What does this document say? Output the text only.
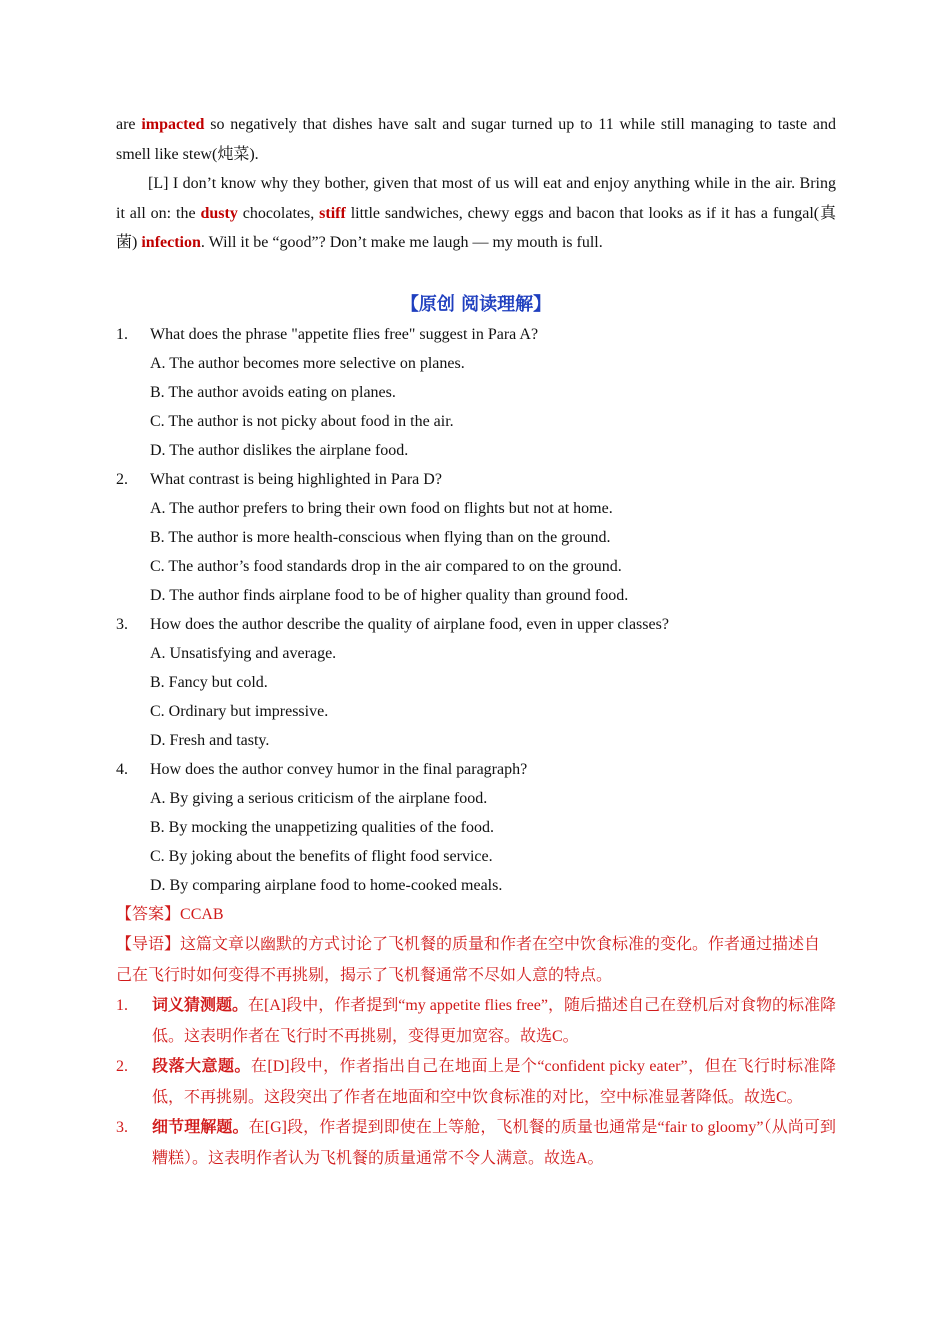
are impacted so negatively that dishes have salt and sugar turned up to 11 while still managing to taste and smell like stew(炖菜).

[L] I don’t know why they bother, given that most of us will eat and enjoy anything while in the air. Bring it all on: the dusty chocolates, stiff little sandwiches, chewy eggs and bacon that looks as if it has a fungal(真菌) infection. Will it be “good”? Don’t make me laugh — my mouth is full.

【原创 阅读理解】

1.	What does the phrase "appetite flies free" suggest in Para A?

A. The author becomes more selective on planes.

B. The author avoids eating on planes.

C. The author is not picky about food in the air.

D. The author dislikes the airplane food.

2.	What contrast is being highlighted in Para D?

A. The author prefers to bring their own food on flights but not at home.

B. The author is more health-conscious when flying than on the ground.

C. The author’s food standards drop in the air compared to on the ground.

D. The author finds airplane food to be of higher quality than ground food.

3.	How does the author describe the quality of airplane food, even in upper classes?

A. Unsatisfying and average.

B. Fancy but cold.

C. Ordinary but impressive.

D. Fresh and tasty.

4.	How does the author convey humor in the final paragraph?

A. By giving a serious criticism of the airplane food.

B. By mocking the unappetizing qualities of the food.

C. By joking about the benefits of flight food service.

D. By comparing airplane food to home-cooked meals.

【答案】CCAB

【导语】这篇文章以幽默的方式讨论了飞机餐的质量和作者在空中饮食标准的变化。作者通过描述自己在飞行时如何变得不再挑剔，揭示了飞机餐通常不尽如人意的特点。

1.	词义猜测题。在[A]段中，作者提到“my appetite flies free”，随后描述自己在登机后对食物的标准降低。这表明作者在飞行时不再挑剔，变得更加宽容。故选C。

2.	段落大意题。在[D]段中，作者指出自己在地面上是个“confident picky eater”，但在飞行时标准降低，不再挑剔。这段突出了作者在地面和空中饮食标准的对比，空中标准显著降低。故选C。

3.	细节理解题。在[G]段，作者提到即使在上等舱，飞机餐的质量也通常是“fair to gloomy”（从尚可到糟糕）。这表明作者认为飞机餐的质量通常不令人满意。故选A。
